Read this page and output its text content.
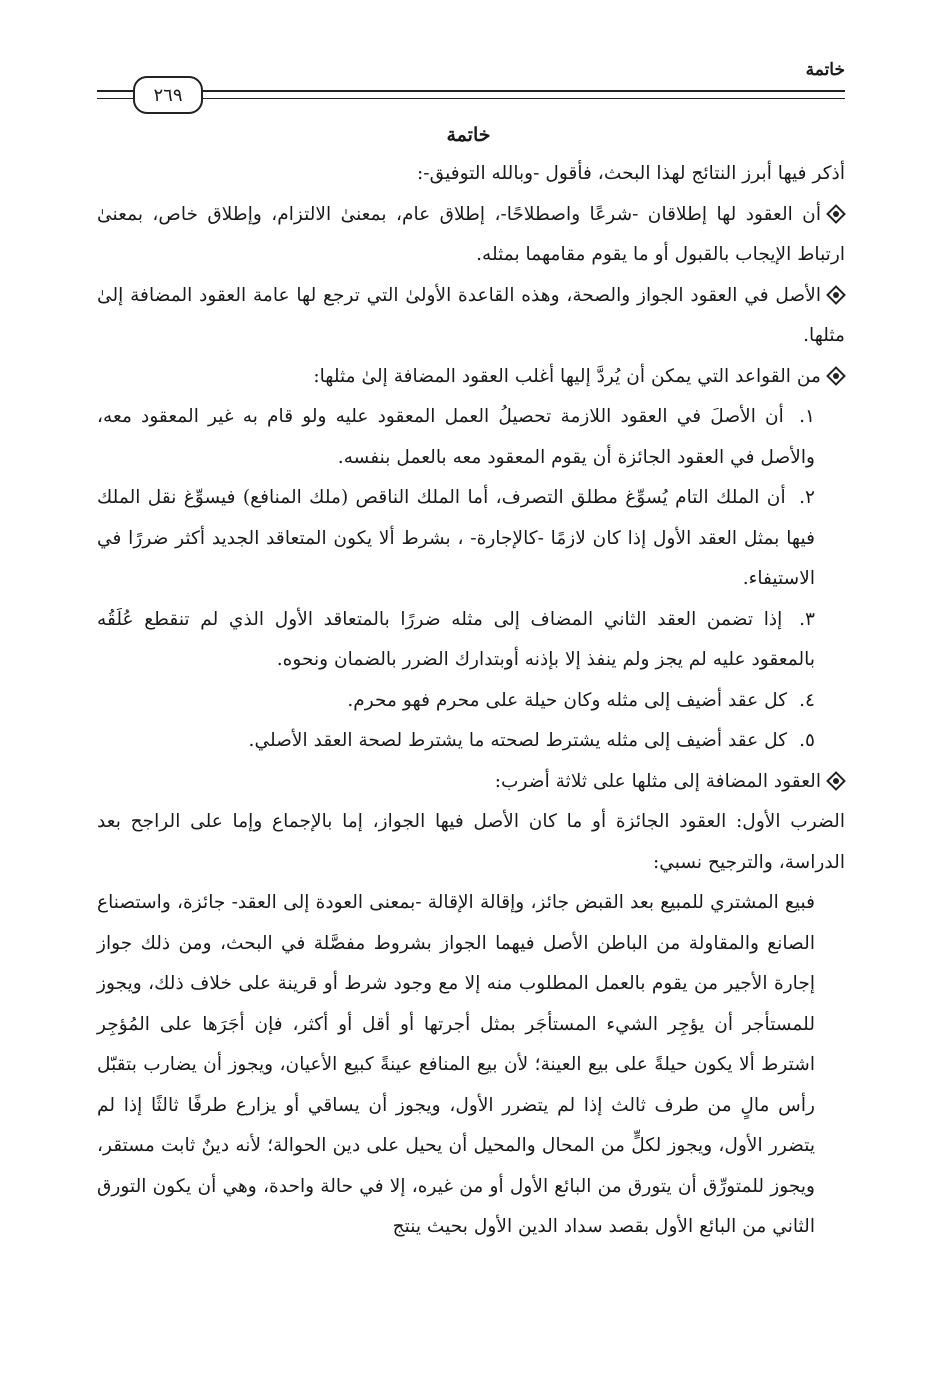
خاتمة
٢٦٩
خاتمة

أذكر فيها أبرز النتائج لهذا البحث، فأقول -وبالله التوفيق-:

أن العقود لها إطلاقان -شرعًا واصطلاحًا-، إطلاق عام، بمعنىٰ الالتزام، وإطلاق خاص، بمعنىٰ ارتباط الإيجاب بالقبول أو ما يقوم مقامهما بمثله.

الأصل في العقود الجواز والصحة، وهذه القاعدة الأولىٰ التي ترجع لها عامة العقود المضافة إلىٰ مثلها.

من القواعد التي يمكن أن يُردَّ إليها أغلب العقود المضافة إلىٰ مثلها:

١. أن الأصلَ في العقود اللازمة تحصيلُ العمل المعقود عليه ولو قام به غير المعقود معه، والأصل في العقود الجائزة أن يقوم المعقود معه بالعمل بنفسه.

٢. أن الملك التام يُسوِّغ مطلق التصرف، أما الملك الناقص (ملك المنافع) فيسوِّغ نقل الملك فيها بمثل العقد الأول إذا كان لازمًا -كالإجارة- ، بشرط ألا يكون المتعاقد الجديد أكثر ضررًا في الاستيفاء.

٣. إذا تضمن العقد الثاني المضاف إلى مثله ضررًا بالمتعاقد الأول الذي لم تنقطع عُلَقُه بالمعقود عليه لم يجز ولم ينفذ إلا بإذنه أوبتدارك الضرر بالضمان ونحوه.

٤. كل عقد أضيف إلى مثله وكان حيلة على محرم فهو محرم.

٥. كل عقد أضيف إلى مثله يشترط لصحته ما يشترط لصحة العقد الأصلي.

العقود المضافة إلى مثلها على ثلاثة أضرب:

الضرب الأول: العقود الجائزة أو ما كان الأصل فيها الجواز، إما بالإجماع وإما على الراجح بعد الدراسة، والترجيح نسبي:

فبيع المشتري للمبيع بعد القبض جائز، وإقالة الإقالة -بمعنى العودة إلى العقد- جائزة، واستصناع الصانع والمقاولة من الباطن الأصل فيهما الجواز بشروط مفصَّلة في البحث، ومن ذلك جواز إجارة الأجير من يقوم بالعمل المطلوب منه إلا مع وجود شرط أو قرينة على خلاف ذلك، ويجوز للمستأجر أن يؤجِر الشيء المستأجَر بمثل أجرتها أو أقل أو أكثر، فإن أجَرَها على المُؤجِر اشترط ألا يكون حيلةً على بيع العينة؛ لأن بيع المنافع عينةً كبيع الأعيان، ويجوز أن يضارب بتقبّل رأس مالٍ من طرف ثالث إذا لم يتضرر الأول، ويجوز أن يساقي أو يزارع طرفًا ثالثًا إذا لم يتضرر الأول، ويجوز لكلٍّ من المحال والمحيل أن يحيل على دين الحوالة؛ لأنه دينٌ ثابت مستقر، ويجوز للمتورِّق أن يتورق من البائع الأول أو من غيره، إلا في حالة واحدة، وهي أن يكون التورق الثاني من البائع الأول بقصد سداد الدين الأول بحيث ينتج
